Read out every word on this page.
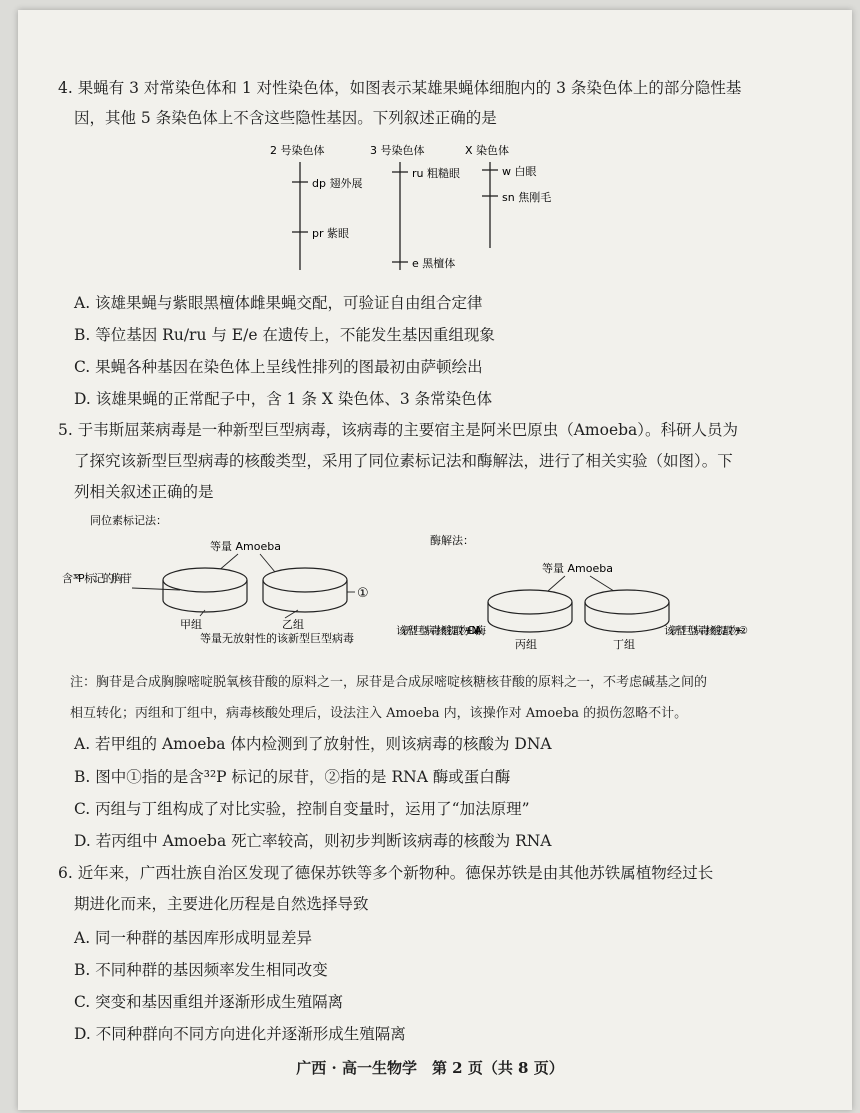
4. 果蝇有 3 对常染色体和 1 对性染色体，如图表示某雄果蝇体细胞内的 3 条染色体上的部分隐性基
因，其他 5 条染色体上不含这些隐性基因。下列叙述正确的是
2 号染色体	3 号染色体	X 染色体
dp 翅外展
pr 紫眼
ru 粗糙眼
e 黑檀体
w 白眼
sn 焦刚毛
A. 该雄果蝇与紫眼黑檀体雌果蝇交配，可验证自由组合定律
B. 等位基因 Ru/ru 与 E/e 在遗传上，不能发生基因重组现象
C. 果蝇各种基因在染色体上呈线性排列的图最初由萨顿绘出
D. 该雄果蝇的正常配子中，含 1 条 X 染色体、3 条常染色体
5. 于韦斯屈莱病毒是一种新型巨型病毒，该病毒的主要宿主是阿米巴原虫（Amoeba）。科研人员为
了探究该新型巨型病毒的核酸类型，采用了同位素标记法和酶解法，进行了相关实验（如图）。下
列相关叙述正确的是
同位素标记法：
等量 Amoeba
含 ³²P 标记的胸苷
①
甲组	乙组
等量无放射性的该新型巨型病毒
酶解法：
等量 Amoeba
丙组	丁组
该新型巨型病毒核酸提取物+DNA 酶	该新型巨型病毒核酸提取物+②
注：胸苷是合成胸腺嘧啶脱氧核苷酸的原料之一，尿苷是合成尿嘧啶核糖核苷酸的原料之一，不考虑碱基之间的
相互转化；丙组和丁组中，病毒核酸处理后，设法注入 Amoeba 内，该操作对 Amoeba 的损伤忽略不计。
A. 若甲组的 Amoeba 体内检测到了放射性，则该病毒的核酸为 DNA
B. 图中①指的是含³²P 标记的尿苷，②指的是 RNA 酶或蛋白酶
C. 丙组与丁组构成了对比实验，控制自变量时，运用了“加法原理”
D. 若丙组中 Amoeba 死亡率较高，则初步判断该病毒的核酸为 RNA
6. 近年来，广西壮族自治区发现了德保苏铁等多个新物种。德保苏铁是由其他苏铁属植物经过长
期进化而来，主要进化历程是自然选择导致
A. 同一种群的基因库形成明显差异
B. 不同种群的基因频率发生相同改变
C. 突变和基因重组并逐渐形成生殖隔离
D. 不同种群向不同方向进化并逐渐形成生殖隔离
广西 · 高一生物学　第 2 页（共 8 页）
